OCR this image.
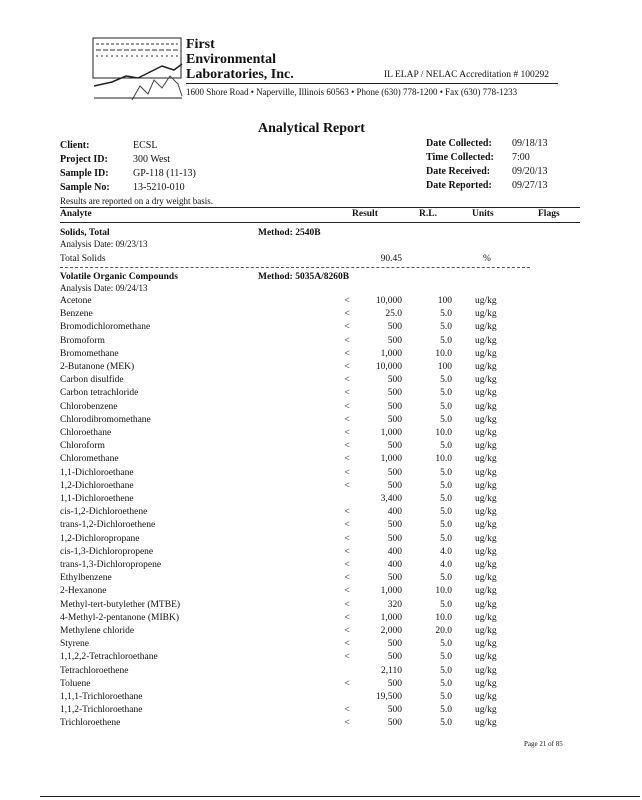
First
Environmental
Laboratories, Inc.	IL ELAP / NELAC Accreditation # 100292
1600 Shore Road • Naperville, Illinois 60563 • Phone (630) 778-1200 • Fax (630) 778-1233
Analytical Report
Client:	ECSL
Project ID:	300 West
Sample ID: GP-118 (11-13)
Sample No: 13-5210-010
Date Collected: 09/18/13
Time Collected: 7:00
Date Received: 09/20/13
Date Reported: 09/27/13
Results are reported on a dry weight basis.
Analyte	Result	R.L.	Units	Flags
Solids, Total	Method: 2540B
Analysis Date: 09/23/13
Total Solids	90.45	%
Volatile Organic Compounds	Method: 5035A/8260B
Analysis Date: 09/24/13
Acetone	<	10,000	100 ug/kg
Benzene	<	25.0	5.0 ug/kg
Bromodichloromethane	<	500	5.0 ug/kg
Bromoform	<	500	5.0 ug/kg
Bromomethane	<	1,000	10.0 ug/kg
2-Butanone (MEK)	<	10,000	100 ug/kg
Carbon disulfide	<	500	5.0 ug/kg
Carbon tetrachloride	<	500	5.0 ug/kg
Chlorobenzene	<	500	5.0 ug/kg
Chlorodibromomethane	<	500	5.0 ug/kg
Chloroethane	<	1,000	10.0 ug/kg
Chloroform	<	500	5.0 ug/kg
Chloromethane	<	1,000	10.0 ug/kg
1,1-Dichloroethane	<	500	5.0 ug/kg
1,2-Dichloroethane	<	500	5.0 ug/kg
1,1-Dichloroethene	3,400	5.0 ug/kg
cis-1,2-Dichloroethene	<	400	5.0 ug/kg
trans-1,2-Dichloroethene	<	500	5.0 ug/kg
1,2-Dichloropropane	<	500	5.0 ug/kg
cis-1,3-Dichloropropene	<	400	4.0 ug/kg
trans-1,3-Dichloropropene	<	400	4.0 ug/kg
Ethylbenzene	<	500	5.0 ug/kg
2-Hexanone	<	1,000	10.0 ug/kg
Methyl-tert-butylether (MTBE)	<	320	5.0 ug/kg
4-Methyl-2-pentanone (MIBK)	<	1,000	10.0 ug/kg
Methylene chloride	<	2,000	20.0 ug/kg
Styrene	<	500	5.0 ug/kg
1,1,2,2-Tetrachloroethane	<	500	5.0 ug/kg
Tetrachloroethene	2,110	5.0 ug/kg
Toluene	<	500	5.0 ug/kg
1,1,1-Trichloroethane	19,500	5.0 ug/kg
1,1,2-Trichloroethane	<	500	5.0 ug/kg
Trichloroethene	<	500	5.0 ug/kg
Page 21 of 85
